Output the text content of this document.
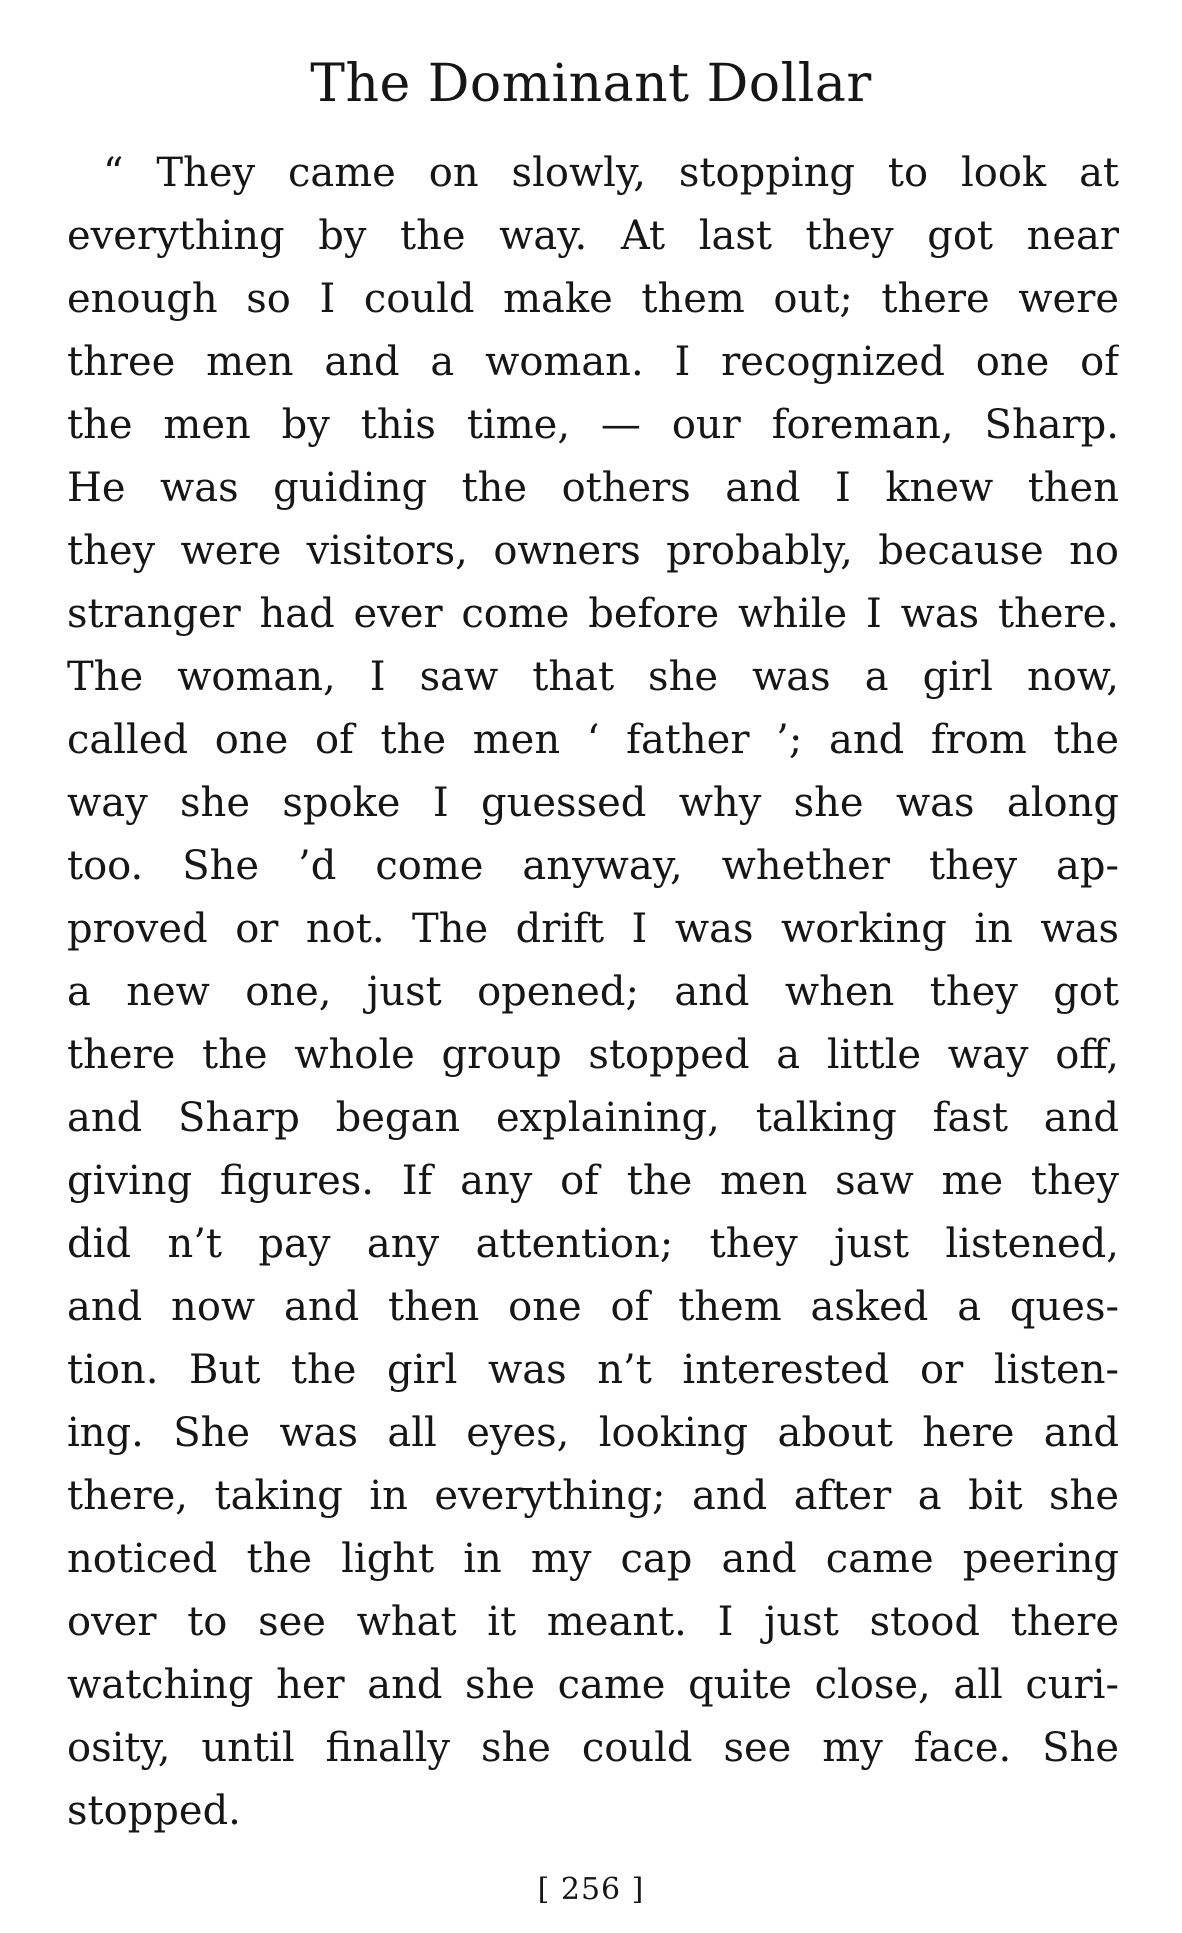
The Dominant Dollar
“ They came on slowly, stopping to look at
everything by the way. At last they got near
enough so I could make them out; there were
three men and a woman. I recognized one of
the men by this time, — our foreman, Sharp.
He was guiding the others and I knew then
they were visitors, owners probably, because no
stranger had ever come before while I was there.
The woman, I saw that she was a girl now,
called one of the men ‘ father ’; and from the
way she spoke I guessed why she was along
too. She ’d come anyway, whether they ap-
proved or not. The drift I was working in was
a new one, just opened; and when they got
there the whole group stopped a little way off,
and Sharp began explaining, talking fast and
giving figures. If any of the men saw me they
did n’t pay any attention; they just listened,
and now and then one of them asked a ques-
tion. But the girl was n’t interested or listen-
ing. She was all eyes, looking about here and
there, taking in everything; and after a bit she
noticed the light in my cap and came peering
over to see what it meant. I just stood there
watching her and she came quite close, all curi-
osity, until finally she could see my face. She
stopped.
[ 256 ]
